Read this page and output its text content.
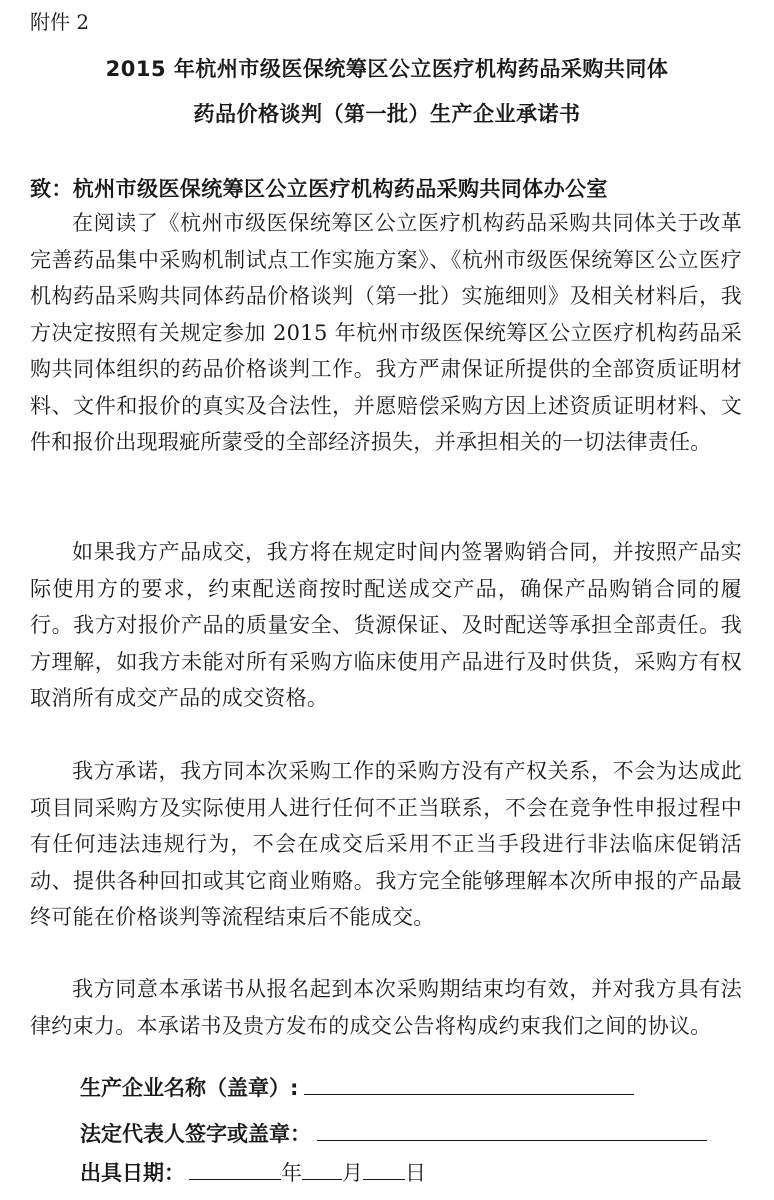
附件 2
2015 年杭州市级医保统筹区公立医疗机构药品采购共同体
药品价格谈判（第一批）生产企业承诺书
致：杭州市级医保统筹区公立医疗机构药品采购共同体办公室

在阅读了《杭州市级医保统筹区公立医疗机构药品采购共同体关于改革完善药品集中采购机制试点工作实施方案》、《杭州市级医保统筹区公立医疗机构药品采购共同体药品价格谈判（第一批）实施细则》及相关材料后，我方决定按照有关规定参加 2015 年杭州市级医保统筹区公立医疗机构药品采购共同体组织的药品价格谈判工作。我方严肃保证所提供的全部资质证明材料、文件和报价的真实及合法性，并愿赔偿采购方因上述资质证明材料、文件和报价出现瑕疵所蒙受的全部经济损失，并承担相关的一切法律责任。

如果我方产品成交，我方将在规定时间内签署购销合同，并按照产品实际使用方的要求，约束配送商按时配送成交产品，确保产品购销合同的履行。我方对报价产品的质量安全、货源保证、及时配送等承担全部责任。我方理解，如我方未能对所有采购方临床使用产品进行及时供货，采购方有权取消所有成交产品的成交资格。

我方承诺，我方同本次采购工作的采购方没有产权关系，不会为达成此项目同采购方及实际使用人进行任何不正当联系，不会在竞争性申报过程中有任何违法违规行为，不会在成交后采用不正当手段进行非法临床促销活动、提供各种回扣或其它商业贿赂。我方完全能够理解本次所申报的产品最终可能在价格谈判等流程结束后不能成交。

我方同意本承诺书从报名起到本次采购期结束均有效，并对我方具有法律约束力。本承诺书及贵方发布的成交公告将构成约束我们之间的协议。

生产企业名称（盖章）:
法定代表人签字或盖章：
出具日期：	年 月 日
